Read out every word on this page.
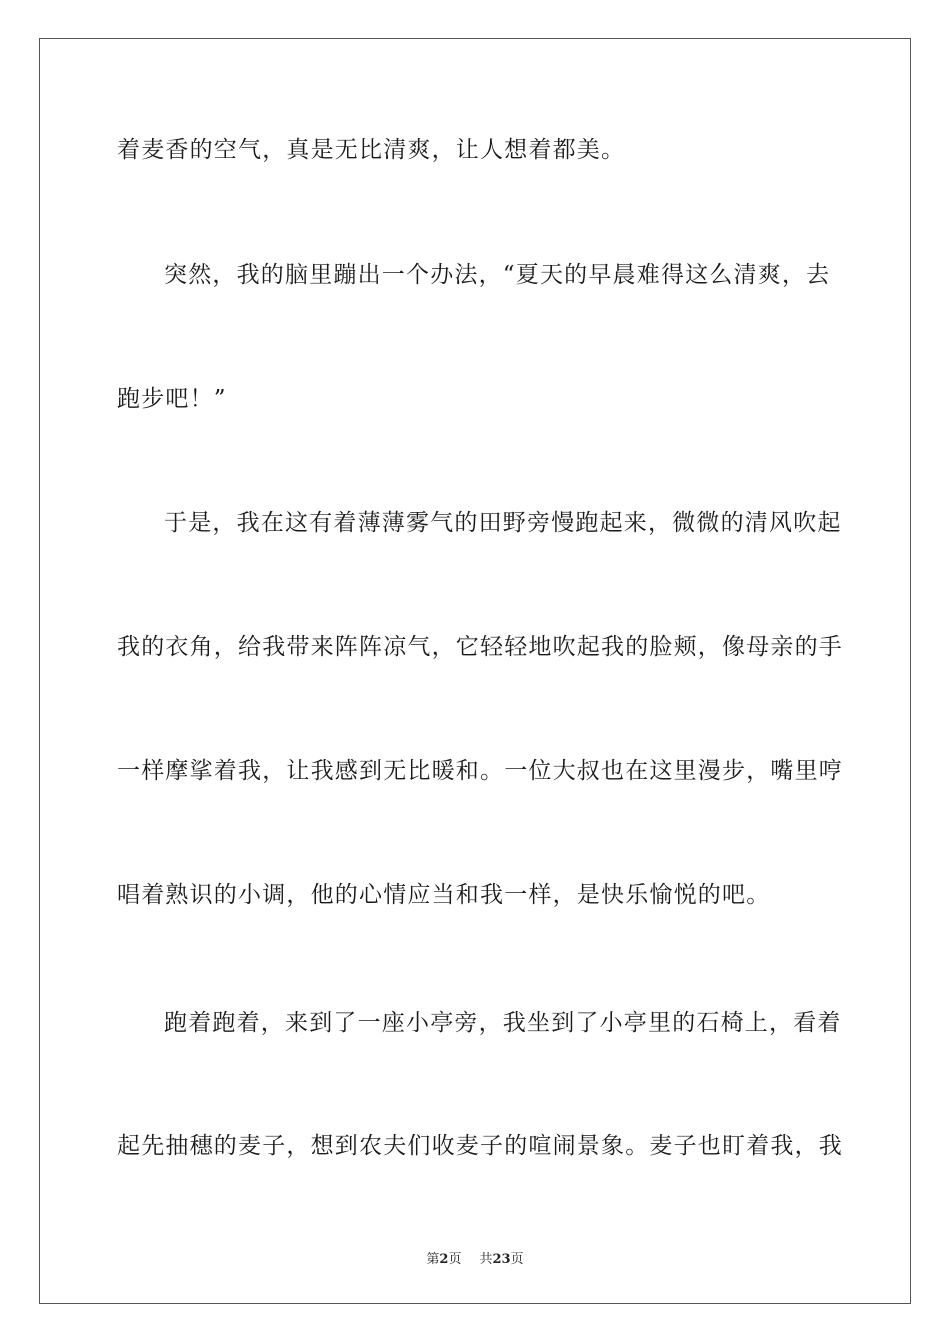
着麦香的空气，真是无比清爽，让人想着都美。
突然，我的脑里蹦出一个办法，“夏天的早晨难得这么清爽，去
跑步吧！”
于是，我在这有着薄薄雾气的田野旁慢跑起来，微微的清风吹起
我的衣角，给我带来阵阵凉气，它轻轻地吹起我的脸颊，像母亲的手
一样摩挲着我，让我感到无比暖和。一位大叔也在这里漫步，嘴里哼
唱着熟识的小调，他的心情应当和我一样，是快乐愉悦的吧。
跑着跑着，来到了一座小亭旁，我坐到了小亭里的石椅上，看着
起先抽穗的麦子，想到农夫们收麦子的喧闹景象。麦子也盯着我，我
第2页 共23页
